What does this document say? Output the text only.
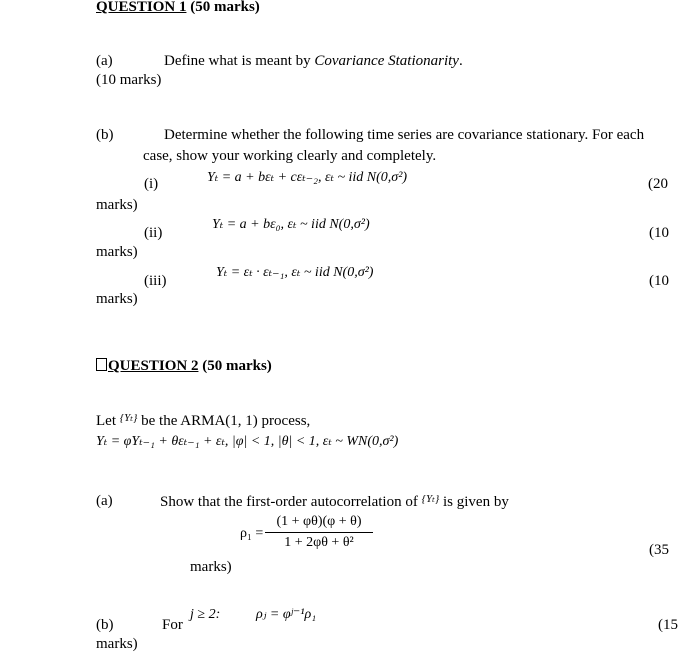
QUESTION 1 (50 marks)
(a)	Define what is meant by Covariance Stationarity.
(10 marks)
(b)	Determine whether the following time series are covariance stationary. For each
case, show your working clearly and completely.
(i)	Yₜ = a + bεₜ + cεₜ₋₂, εₜ ~ iid N(0,σ²)	(20
marks)
(ii)
Yₜ = a + bε₀, εₜ ~ iid N(0,σ²)
(10
marks)
(iii)
Yₜ = εₜ · εₜ₋₁, εₜ ~ iid N(0,σ²)
(10
marks)
QUESTION 2 (50 marks)
Let $^{\{Y_t\}}$ be the ARMA(1, 1) process,
Yₜ = φYₜ₋₁ + θεₜ₋₁ + εₜ, |φ| < 1, |θ| < 1, εₜ ~ WN(0,σ²)
(a)	Show that the first-order autocorrelation of $^{\{Y_t\}}$ is given by
$\rho_1 = \frac{(1 + \varphi\theta)(\varphi + \theta)}{\text{1 + 2φθ + θ²}}$	(35
marks)
(b)	For
j ≥ 2:	ρⱼ = φʲ⁻¹ρ₁
(15
marks)
